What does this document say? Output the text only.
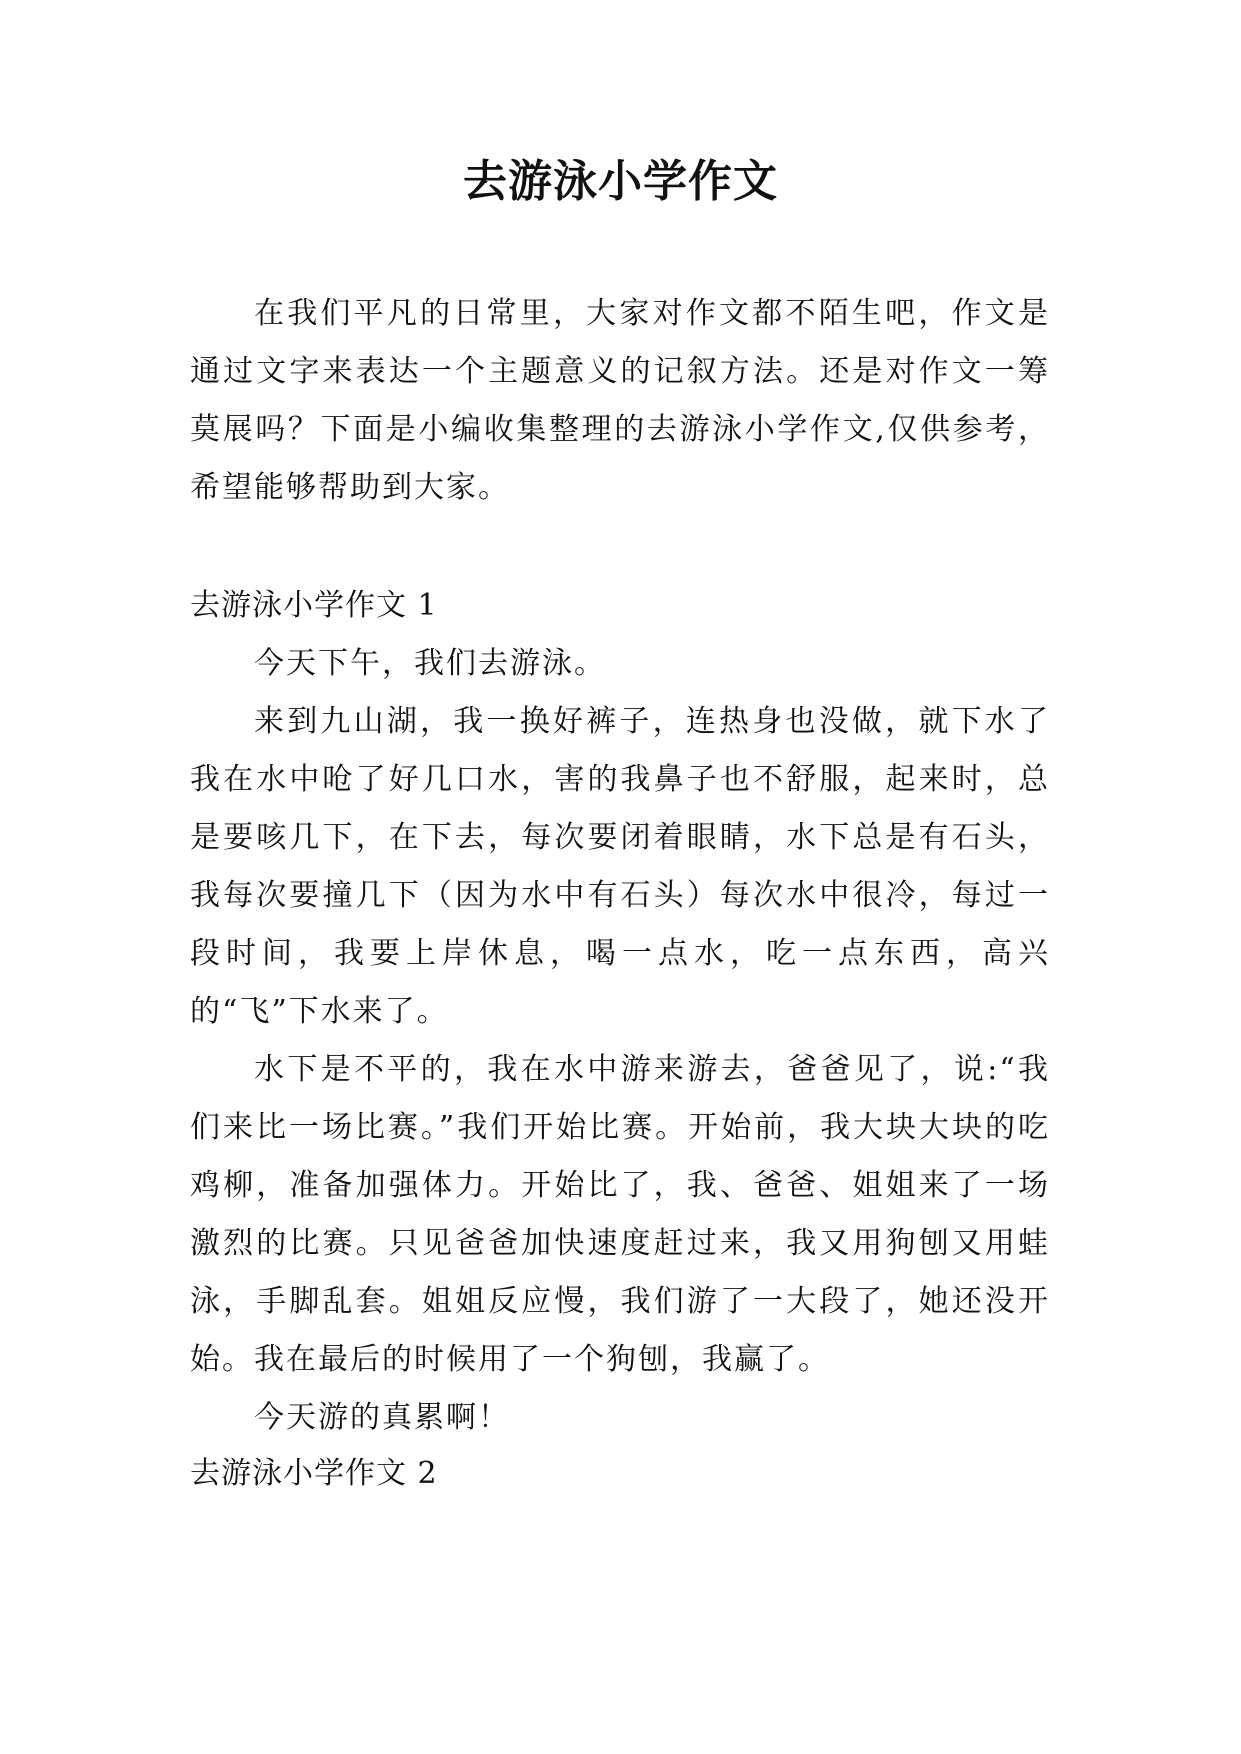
去游泳小学作文

在我们平凡的日常里，大家对作文都不陌生吧，作文是通过文字来表达一个主题意义的记叙方法。还是对作文一筹莫展吗？下面是小编收集整理的去游泳小学作文,仅供参考，希望能够帮助到大家。

去游泳小学作文 1

今天下午，我们去游泳。

来到九山湖，我一换好裤子，连热身也没做，就下水了我在水中呛了好几口水，害的我鼻子也不舒服，起来时，总是要咳几下，在下去，每次要闭着眼睛，水下总是有石头，我每次要撞几下（因为水中有石头）每次水中很冷，每过一段时间，我要上岸休息，喝一点水，吃一点东西，高兴的“飞”下水来了。

水下是不平的，我在水中游来游去，爸爸见了，说:“我们来比一场比赛。”我们开始比赛。开始前，我大块大块的吃鸡柳，准备加强体力。开始比了，我、爸爸、姐姐来了一场激烈的比赛。只见爸爸加快速度赶过来，我又用狗刨又用蛙泳，手脚乱套。姐姐反应慢，我们游了一大段了，她还没开始。我在最后的时候用了一个狗刨，我赢了。

今天游的真累啊！

去游泳小学作文 2
